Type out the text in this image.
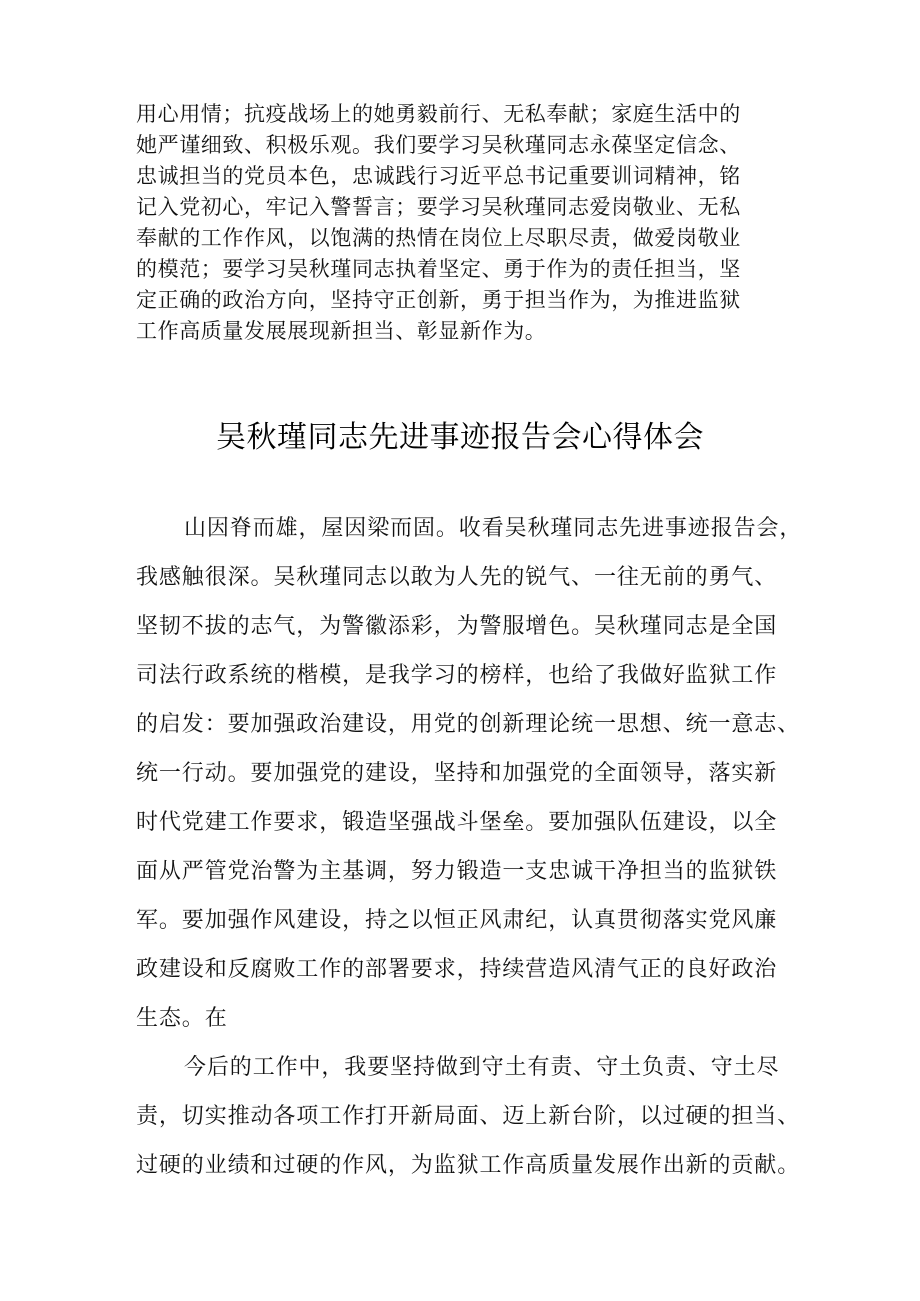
用心用情；抗疫战场上的她勇毅前行、无私奉献；家庭生活中的
她严谨细致、积极乐观。我们要学习吴秋瑾同志永葆坚定信念、
忠诚担当的党员本色，忠诚践行习近平总书记重要训词精神，铭
记入党初心，牢记入警誓言；要学习吴秋瑾同志爱岗敬业、无私
奉献的工作作风，以饱满的热情在岗位上尽职尽责，做爱岗敬业
的模范；要学习吴秋瑾同志执着坚定、勇于作为的责任担当，坚
定正确的政治方向，坚持守正创新，勇于担当作为，为推进监狱
工作高质量发展展现新担当、彰显新作为。
吴秋瑾同志先进事迹报告会心得体会
山因脊而雄，屋因梁而固。收看吴秋瑾同志先进事迹报告会，
我感触很深。吴秋瑾同志以敢为人先的锐气、一往无前的勇气、
坚韧不拔的志气，为警徽添彩，为警服增色。吴秋瑾同志是全国
司法行政系统的楷模，是我学习的榜样，也给了我做好监狱工作
的启发：要加强政治建设，用党的创新理论统一思想、统一意志、
统一行动。要加强党的建设，坚持和加强党的全面领导，落实新
时代党建工作要求，锻造坚强战斗堡垒。要加强队伍建设，以全
面从严管党治警为主基调，努力锻造一支忠诚干净担当的监狱铁
军。要加强作风建设，持之以恒正风肃纪，认真贯彻落实党风廉
政建设和反腐败工作的部署要求，持续营造风清气正的良好政治
生态。在
今后的工作中，我要坚持做到守土有责、守土负责、守土尽
责，切实推动各项工作打开新局面、迈上新台阶，以过硬的担当、
过硬的业绩和过硬的作风，为监狱工作高质量发展作出新的贡献。
